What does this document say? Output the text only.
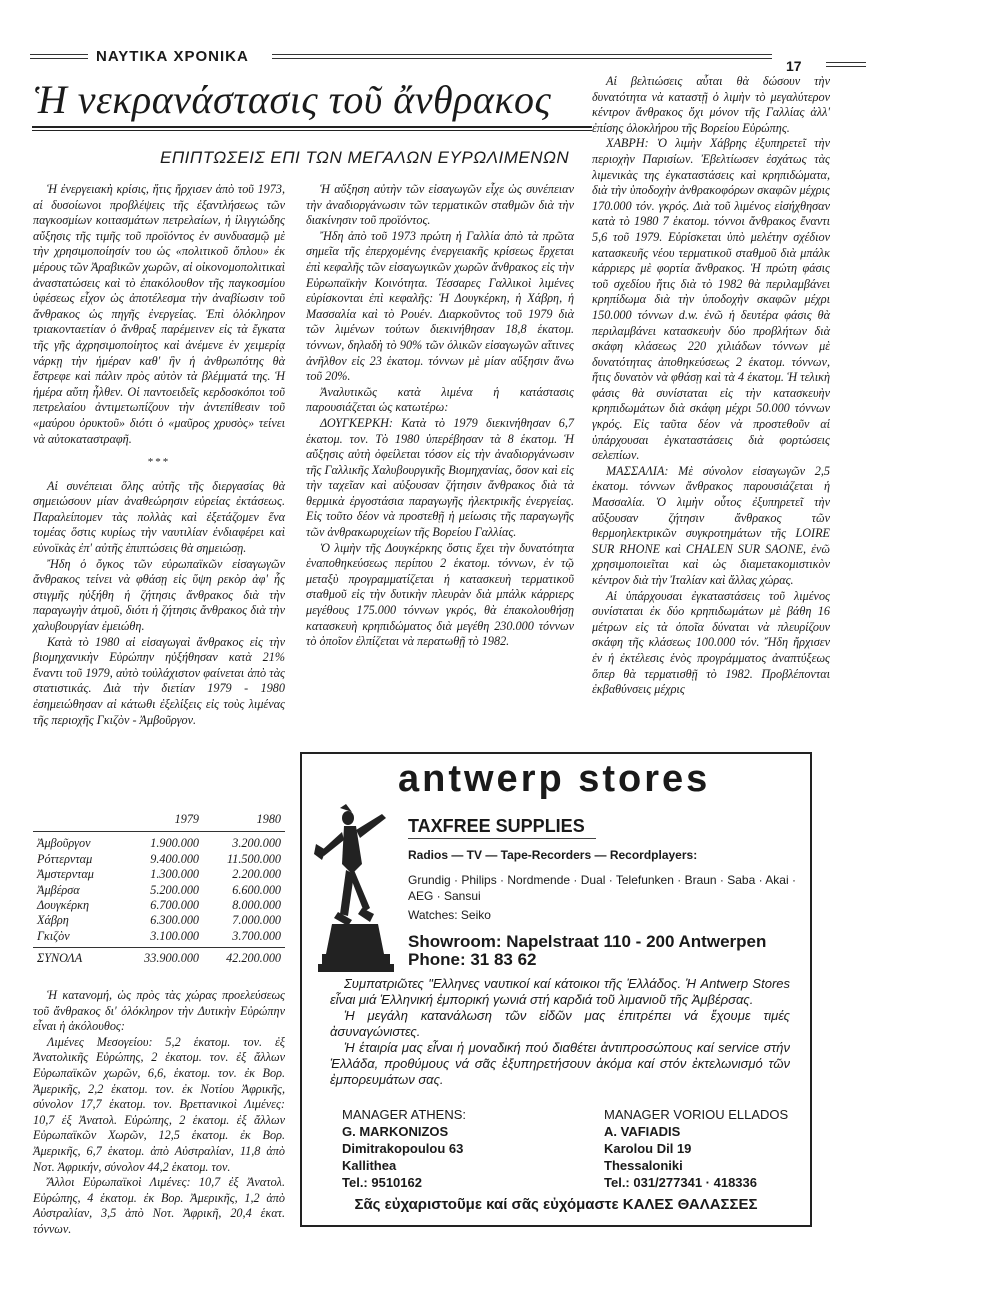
ΝΑΥΤΙΚΑ ΧΡΟΝΙΚΑ
17
Ἡ νεκρανάστασις τοῦ ἄνθρακος
ΕΠΙΠΤΩΣΕΙΣ ΕΠΙ ΤΩΝ ΜΕΓΑΛΩΝ ΕΥΡΩΛΙΜΕΝΩΝ

Ἡ ἐνεργειακὴ κρίσις, ἥτις ἤρχισεν ἀπὸ τοῦ 1973, αἱ δυσοίωνοι προβλέψεις τῆς ἐξαντλήσεως τῶν παγκοσμίων κοιτασμάτων πετρελαίων, ἡ ἰλιγγιώδης αὔξησις τῆς τιμῆς τοῦ προϊόντος ἐν συνδυασμῷ μὲ τὴν χρησιμοποίησίν του ὡς «πολιτικοῦ ὅπλου» ἐκ μέρους τῶν Ἀραβικῶν χωρῶν, αἱ οἰκονομοπολιτικαὶ ἀναστατώσεις καὶ τὸ ἐπακόλουθον τῆς παγκοσμίου ὑφέσεως εἶχον ὡς ἀποτέλεσμα τὴν ἀναβίωσιν τοῦ ἄνθρακος ὡς πηγῆς ἐνεργείας. Ἐπὶ ὁλόκληρον τριακονταετίαν ὁ ἄνθραξ παρέμεινεν εἰς τὰ ἔγκατα τῆς γῆς ἀχρησιμοποίητος καὶ ἀνέμενε ἐν χειμερίᾳ νάρκῃ τὴν ἡμέραν καθ' ἣν ἡ ἀνθρωπότης θὰ ἔστρεφε καὶ πάλιν πρὸς αὐτὸν τὰ βλέμματά της. Ἡ ἡμέρα αὕτη ἦλθεν. Οἱ παντοειδεῖς κερδοσκόποι τοῦ πετρελαίου ἀντιμετωπίζουν τὴν ἀντεπίθεσιν τοῦ «μαύρου ὀρυκτοῦ» διότι ὁ «μαῦρος χρυσὸς» τείνει νὰ αὐτοκαταστραφῆ.

***

Αἱ συνέπειαι ὅλης αὐτῆς τῆς διεργασίας θὰ σημειώσουν μίαν ἀναθεώρησιν εὐρείας ἐκτάσεως. Παραλείπομεν τὰς πολλὰς καὶ ἐξετάζομεν ἕνα τομέας ὅστις κυρίως τὴν ναυτιλίαν ἐνδιαφέρει καὶ εὐνοϊκὰς ἐπ' αὐτῆς ἐπιπτώσεις θὰ σημειώσῃ.

Ἤδη ὁ ὄγκος τῶν εὐρωπαϊκῶν εἰσαγωγῶν ἄνθρακος τείνει νὰ φθάσῃ εἰς ὕψη ρεκὸρ ἀφ' ἧς στιγμῆς ηὐξήθη ἡ ζήτησις ἄνθρακος διὰ τὴν παραγωγὴν ἀτμοῦ, διότι ἡ ζήτησις ἄνθρακος διὰ τὴν χαλυβουργίαν ἐμειώθη.

Κατὰ τὸ 1980 αἱ εἰσαγωγαὶ ἄνθρακος εἰς τὴν βιομηχανικὴν Εὐρώπην ηὐξήθησαν κατὰ 21% ἔναντι τοῦ 1979, αὐτὸ τοὐλάχιστον φαίνεται ἀπὸ τὰς στατιστικάς. Διὰ τὴν διετίαν 1979 - 1980 ἐσημειώθησαν αἱ κάτωθι ἐξελίξεις εἰς τοὺς λιμένας τῆς περιοχῆς Γκιζὸν - Ἀμβοῦργον.

	1979	1980

Ἀμβοῦργον	1.900.000	3.200.000
Ρόττερνταμ	9.400.000	11.500.000
Ἀμστερνταμ	1.300.000	2.200.000
Ἀμβέρσα	5.200.000	6.600.000
Δουγκέρκη	6.700.000	8.000.000
Χάβρη	6.300.000	7.000.000
Γκιζὸν	3.100.000	3.700.000

ΣΥΝΟΛΑ	33.900.000	42.200.000

Ἡ κατανομή, ὡς πρὸς τὰς χώρας προελεύσεως τοῦ ἄνθρακος δι' ὁλόκληρον τὴν Δυτικὴν Εὐρώπην εἶναι ἡ ἀκόλουθος:

Λιμένες Μεσογείου: 5,2 ἑκατομ. τον. ἐξ Ἀνατολικῆς Εὐρώπης, 2 ἑκατομ. τον. ἐξ ἄλλων Εὐρωπαϊκῶν χωρῶν, 6,6, ἑκατομ. τον. ἐκ Βορ. Ἀμερικῆς, 2,2 ἑκατομ. τον. ἐκ Νοτίου Ἀφρικῆς, σύνολον 17,7 ἑκατομ. τον. Βρεττανικοὶ Λιμένες: 10,7 ἐξ Ἀνατολ. Εὐρώπης, 2 ἑκατομ. ἐξ ἄλλων Εὐρωπαϊκῶν Χωρῶν, 12,5 ἑκατομ. ἐκ Βορ. Ἀμερικῆς, 6,7 ἑκατομ. ἀπὸ Αὐστραλίαν, 11,8 ἀπὸ Νοτ. Ἀφρικήν, σύνολον 44,2 ἑκατομ. τον.

Ἄλλοι Εὐρωπαϊκοὶ Λιμένες: 10,7 ἐξ Ἀνατολ. Εὐρώπης, 4 ἑκατομ. ἐκ Βορ. Ἀμερικῆς, 1,2 ἀπὸ Αὐστραλίαν, 3,5 ἀπὸ Νοτ. Ἀφρικῆ, 20,4 ἑκατ. τόννων.

Ἡ αὔξηση αὐτὴν τῶν εἰσαγωγῶν εἶχε ὡς συνέπειαν τὴν ἀναδιοργάνωσιν τῶν τερματικῶν σταθμῶν διὰ τὴν διακίνησιν τοῦ προϊόντος.

Ἤδη ἀπὸ τοῦ 1973 πρώτη ἡ Γαλλία ἀπὸ τὰ πρῶτα σημεῖα τῆς ἐπερχομένης ἐνεργειακῆς κρίσεως ἔρχεται ἐπὶ κεφαλῆς τῶν εἰσαγωγικῶν χωρῶν ἄνθρακος εἰς τὴν Εὐρωπαϊκὴν Κοινότητα. Τέσσαρες Γαλλικοὶ λιμένες εὑρίσκονται ἐπὶ κεφαλῆς: Ἡ Δουγκέρκη, ἡ Χάβρη, ἡ Μασσαλία καὶ τὸ Ρουέν. Διαρκοῦντος τοῦ 1979 διὰ τῶν λιμένων τούτων διεκινήθησαν 18,8 ἑκατομ. τόννων, δηλαδὴ τὸ 90% τῶν ὁλικῶν εἰσαγωγῶν αἵτινες ἀνῆλθον εἰς 23 ἑκατομ. τόννων μὲ μίαν αὔξησιν ἄνω τοῦ 20%.

Ἀναλυτικῶς κατὰ λιμένα ἡ κατάστασις παρουσιάζεται ὡς κατωτέρω:

ΔΟΥΓΚΕΡΚΗ: Κατὰ τὸ 1979 διεκινήθησαν 6,7 ἑκατομ. τον. Τὸ 1980 ὑπερέβησαν τὰ 8 ἑκατομ. Ἡ αὔξησις αὐτὴ ὀφείλεται τόσον εἰς τὴν ἀναδιοργάνωσιν τῆς Γαλλικῆς Χαλυβουργικῆς Βιομηχανίας, ὅσον καὶ εἰς τὴν ταχεῖαν καὶ αὐξουσαν ζήτησιν ἄνθρακος διὰ τὰ θερμικὰ ἐργοστάσια παραγωγῆς ἠλεκτρικῆς ἐνεργείας. Εἰς τοῦτο δέον νὰ προστεθῇ ἡ μείωσις τῆς παραγωγῆς τῶν ἀνθρακωρυχείων τῆς Βορείου Γαλλίας.

Ὁ λιμὴν τῆς Δουγκέρκης ὅστις ἔχει τὴν δυνατότητα ἐναποθηκεύσεως περίπου 2 ἑκατομ. τόννων, ἐν τῷ μεταξὺ προγραμματίζεται ἡ κατασκευὴ τερματικοῦ σταθμοῦ εἰς τὴν δυτικὴν πλευρὰν διὰ μπάλκ κάρριερς μεγέθους 175.000 τόννων γκρός, θὰ ἐπακολουθήσῃ κατασκευὴ κρηπιδώματος διὰ μεγέθη 230.000 τόννων τὸ ὁποῖον ἐλπίζεται νὰ περατωθῇ τὸ 1982.

Αἱ βελτιώσεις αὗται θὰ δώσουν τὴν δυνατότητα νὰ καταστῇ ὁ λιμὴν τὸ μεγαλύτερον κέντρον ἄνθρακος ὄχι μόνον τῆς Γαλλίας ἀλλ' ἐπίσης ὁλοκλήρου τῆς Βορείου Εὐρώπης.

ΧΑΒΡΗ: Ὁ λιμὴν Χάβρης ἐξυπηρετεῖ τὴν περιοχὴν Παρισίων. Ἐβελτίωσεν ἐσχάτως τὰς λιμενικὰς της ἐγκαταστάσεις καὶ κρηπιδώματα, διὰ τὴν ὑποδοχὴν ἀνθρακοφόρων σκαφῶν μέχρις 170.000 τόν. γκρός. Διὰ τοῦ λιμένος εἰσήχθησαν κατὰ τὸ 1980 7 ἑκατομ. τόννοι ἄνθρακος ἔναντι 5,6 τοῦ 1979. Εὑρίσκεται ὑπὸ μελέτην σχέδιον κατασκευῆς νέου τερματικοῦ σταθμοῦ διὰ μπάλκ κάρριερς μὲ φορτία ἄνθρακος. Ἡ πρώτη φάσις τοῦ σχεδίου ἥτις διὰ τὸ 1982 θὰ περιλαμβάνει κρηπίδωμα διὰ τὴν ὑποδοχὴν σκαφῶν μέχρι 150.000 τόννων d.w. ἐνῶ ἡ δευτέρα φάσις θὰ περιλαμβάνει κατασκευὴν δύο προβλήτων διὰ σκάφη κλάσεως 220 χιλιάδων τόννων μὲ δυνατότητας ἀποθηκεύσεως 2 ἑκατομ. τόννων, ἥτις δυνατὸν νὰ φθάσῃ καὶ τὰ 4 ἑκατομ. Ἡ τελικὴ φάσις θὰ συνίσταται εἰς τὴν κατασκευὴν κρηπιδωμάτων διὰ σκάφη μέχρι 50.000 τόννων γκρός. Εἰς ταῦτα δέον νὰ προστεθοῦν αἱ ὑπάρχουσαι ἐγκαταστάσεις διὰ φορτώσεις σελεπίων.

ΜΑΣΣΑΛΙΑ: Μὲ σύνολον εἰσαγωγῶν 2,5 ἑκατομ. τόννων ἄνθρακος παρουσιάζεται ἡ Μασσαλία. Ὁ λιμὴν οὗτος ἐξυπηρετεῖ τὴν αὔξουσαν ζήτησιν ἄνθρακος τῶν θερμοηλεκτρικῶν συγκροτημάτων τῆς LOIRE SUR RHONE καὶ CHALEN SUR SAONE, ἐνῶ χρησιμοποιεῖται καὶ ὡς διαμετακομιστικὸν κέντρον διὰ τὴν Ἰταλίαν καὶ ἄλλας χώρας.

Αἱ ὑπάρχουσαι ἐγκαταστάσεις τοῦ λιμένος συνίσταται ἐκ δύο κρηπιδωμάτων μὲ βάθη 16 μέτρων εἰς τὰ ὁποῖα δύναται νὰ πλευρίζουν σκάφη τῆς κλάσεως 100.000 τόν. Ἤδη ἤρχισεν ἐν ἡ ἐκτέλεσις ἑνὸς προγράμματος ἀναπτύξεως ὅπερ θὰ τερματισθῇ τὸ 1982. Προβλέπονται ἐκβαθύνσεις μέχρις

antwerp stores
TAXFREE SUPPLIES
Radios — TV — Tape-Recorders — Recordplayers:
Grundig · Philips · Nordmende · Dual · Telefunken · Braun · Saba · Akai · AEG · Sansui
Watches: Seiko
Showroom: Napelstraat 110 - 200 Antwerpen
Phone: 31 83 62

Συμπατριῶτες "Ελληνες ναυτικοί καί κάτοικοι τῆς Ἑλλάδος. Ἡ Antwerp Stores εἶναι μιά Ἑλληνική ἐμπορική γωνιά στή καρδιά τοῦ λιμανιοῦ τῆς Ἀμβέρσας.

Ἡ μεγάλη κατανάλωση τῶν εἰδῶν μας ἐπιτρέπει νά ἔχουμε τιμές ἀσυναγώνιστες.

Ἡ ἑταιρία μας εἶναι ἡ μοναδική πού διαθέτει ἀντιπροσώπους καί service στήν Ἑλλάδα, προθύμους νά σᾶς ἐξυπηρετήσουν ἀκόμα καί στόν ἐκτελωνισμό τῶν ἐμπορευμάτων σας.

MANAGER ATHENS:
G. MARKONIZOS
Dimitrakopoulou 63
Kallithea
Tel.: 9510162
MANAGER VORIOU ELLADOS
A. VAFIADIS
Karolou Dil 19
Thessaloniki
Tel.: 031/277341 · 418336
Σᾶς εὐχαριστοῦμε καί σᾶς εὐχόμαστε ΚΑΛΕΣ ΘΑΛΑΣΣΕΣ
